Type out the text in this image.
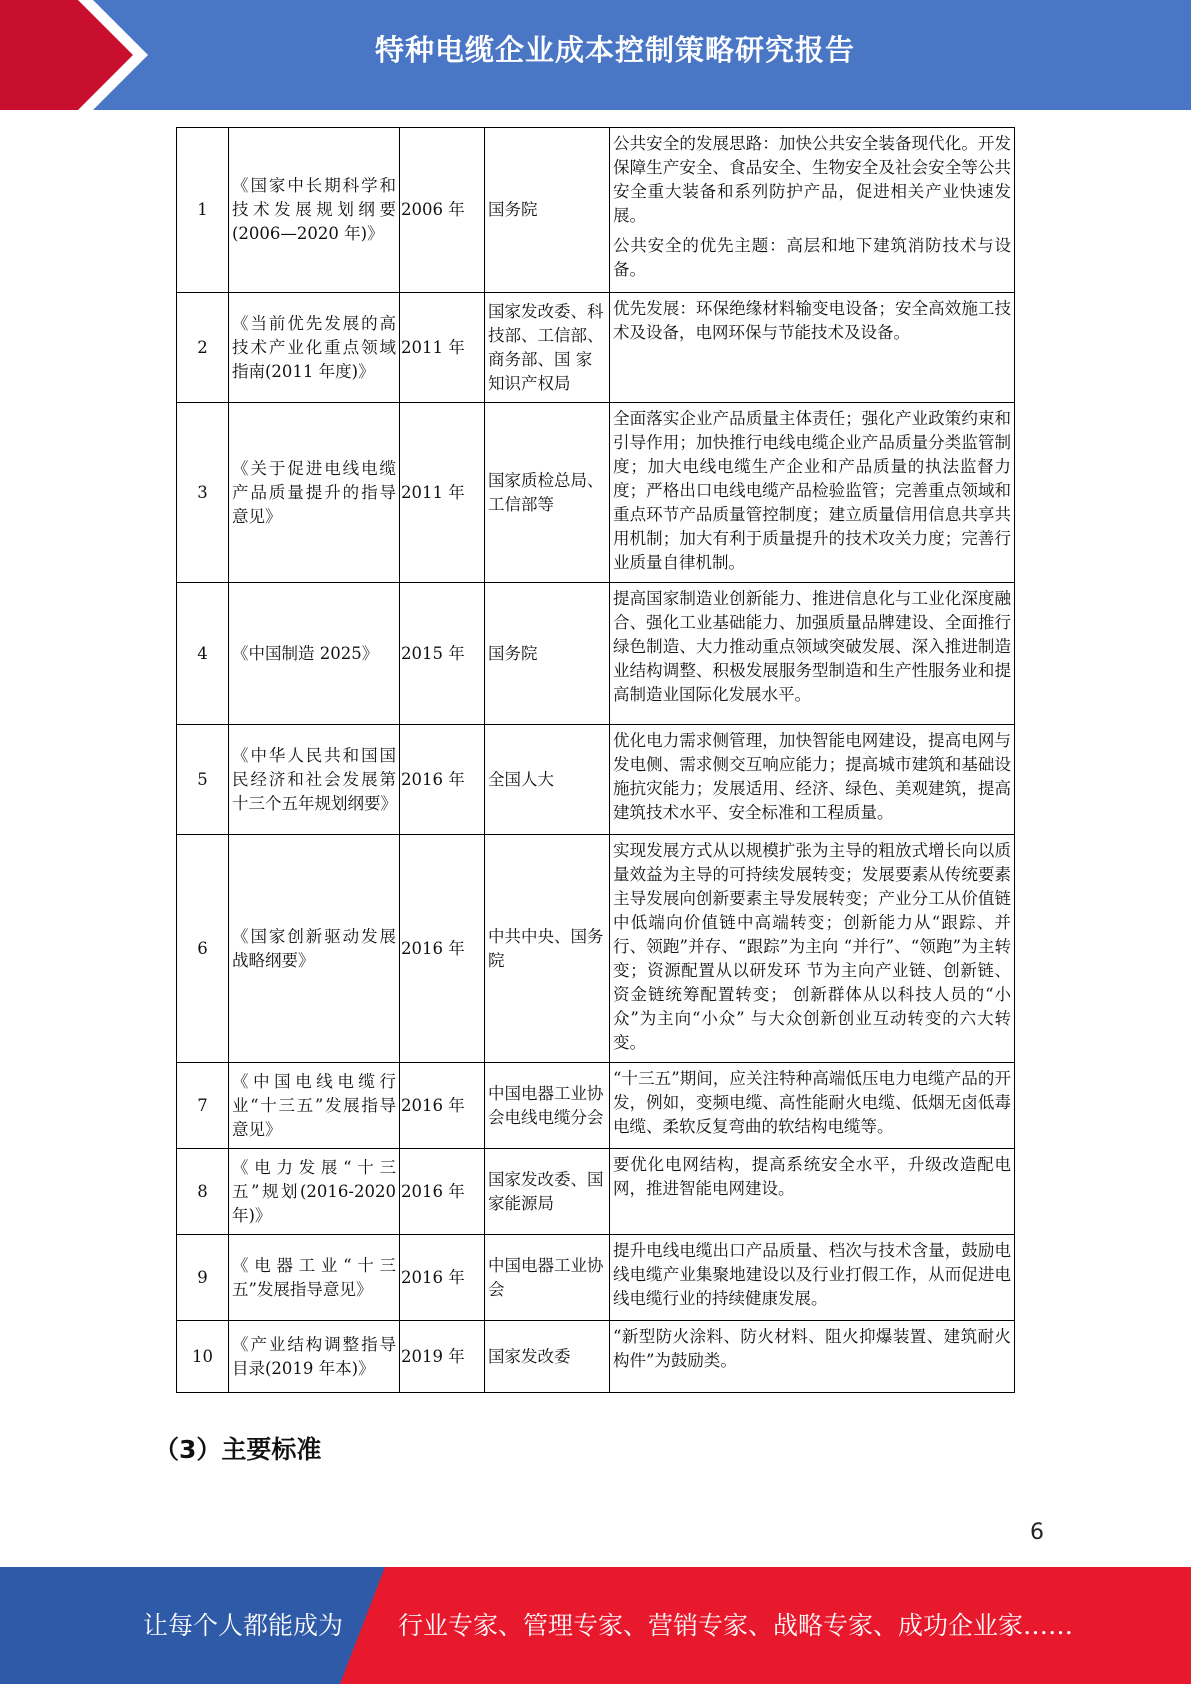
特种电缆企业成本控制策略研究报告
1	《国家中长期科学和技术发展规划纲要(2006—2020 年)》	2006 年	国务院	公共安全的发展思路：加快公共安全装备现代化。开发保障生产安全、食品安全、生物安全及社会安全等公共安全重大装备和系列防护产品，促进相关产业快速发展。

公共安全的优先主题：高层和地下建筑消防技术与设备。

2	《当前优先发展的高技术产业化重点领域指南(2011 年度)》	2011 年	国家发改委、科技部、工信部、商务部、国 家知识产权局	优先发展：环保绝缘材料输变电设备；安全高效施工技术及设备，电网环保与节能技术及设备。

3	《关于促进电线电缆产品质量提升的指导意见》	2011 年	国家质检总局、工信部等	全面落实企业产品质量主体责任；强化产业政策约束和引导作用；加快推行电线电缆企业产品质量分类监管制度；加大电线电缆生产企业和产品质量的执法监督力度；严格出口电线电缆产品检验监管；完善重点领域和重点环节产品质量管控制度；建立质量信用信息共享共用机制；加大有利于质量提升的技术攻关力度；完善行业质量自律机制。

4	《中国制造 2025》	2015 年	国务院	提高国家制造业创新能力、推进信息化与工业化深度融合、强化工业基础能力、加强质量品牌建设、全面推行绿色制造、大力推动重点领域突破发展、深入推进制造业结构调整、积极发展服务型制造和生产性服务业和提高制造业国际化发展水平。

5	《中华人民共和国国民经济和社会发展第十三个五年规划纲要》	2016 年	全国人大	优化电力需求侧管理，加快智能电网建设，提高电网与发电侧、需求侧交互响应能力；提高城市建筑和基础设施抗灾能力；发展适用、经济、绿色、美观建筑，提高建筑技术水平、安全标准和工程质量。

6	《国家创新驱动发展战略纲要》	2016 年	中共中央、国务院	实现发展方式从以规模扩张为主导的粗放式增长向以质量效益为主导的可持续发展转变；发展要素从传统要素主导发展向创新要素主导发展转变；产业分工从价值链中低端向价值链中高端转变；创新能力从“跟踪、并行、领跑”并存、“跟踪”为主向 “并行”、“领跑”为主转变；资源配置从以研发环 节为主向产业链、创新链、资金链统筹配置转变； 创新群体从以科技人员的“小众”为主向“小众” 与大众创新创业互动转变的六大转变。

7	《中国电线电缆行业“十三五”发展指导意见》	2016 年	中国电器工业协会电线电缆分会	“十三五”期间，应关注特种高端低压电力电缆产品的开发，例如，变频电缆、高性能耐火电缆、低烟无卤低毒电缆、柔软反复弯曲的软结构电缆等。

8	《电力发展“十三五”规划(2016-2020 年)》	2016 年	国家发改委、国家能源局	要优化电网结构，提高系统安全水平，升级改造配电网，推进智能电网建设。

9	《电器工业“十三五”发展指导意见》	2016 年	中国电器工业协会	提升电线电缆出口产品质量、档次与技术含量，鼓励电线电缆产业集聚地建设以及行业打假工作，从而促进电线电缆行业的持续健康发展。

10	《产业结构调整指导目录(2019 年本)》	2019 年	国家发改委	“新型防火涂料、防火材料、阻火抑爆装置、建筑耐火构件”为鼓励类。

（3）主要标准
6
让每个人都能成为 行业专家、管理专家、营销专家、战略专家、成功企业家……
